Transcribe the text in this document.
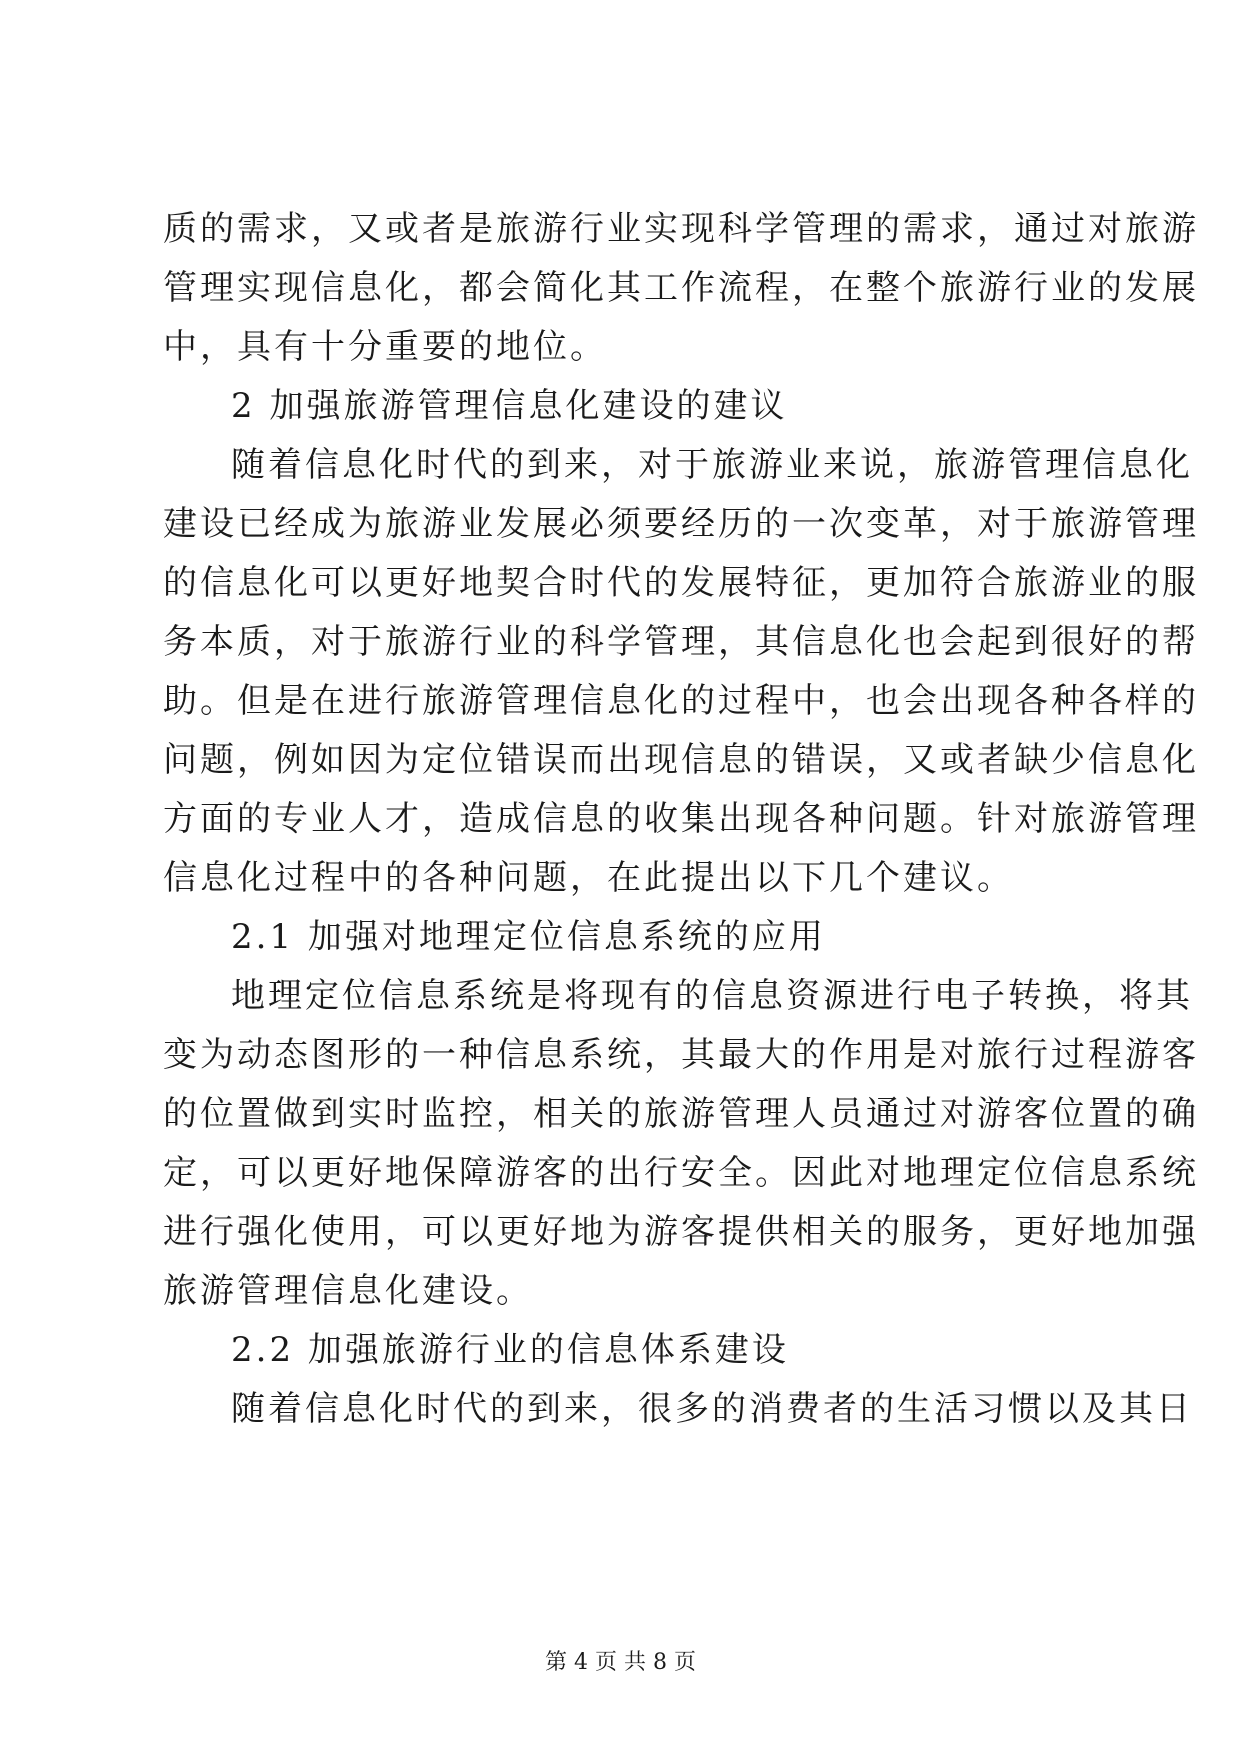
质的需求，又或者是旅游行业实现科学管理的需求，通过对旅游
管理实现信息化，都会简化其工作流程，在整个旅游行业的发展
中，具有十分重要的地位。
2 加强旅游管理信息化建设的建议
随着信息化时代的到来，对于旅游业来说，旅游管理信息化
建设已经成为旅游业发展必须要经历的一次变革，对于旅游管理
的信息化可以更好地契合时代的发展特征，更加符合旅游业的服
务本质，对于旅游行业的科学管理，其信息化也会起到很好的帮
助。但是在进行旅游管理信息化的过程中，也会出现各种各样的
问题，例如因为定位错误而出现信息的错误，又或者缺少信息化
方面的专业人才，造成信息的收集出现各种问题。针对旅游管理
信息化过程中的各种问题，在此提出以下几个建议。
2.1 加强对地理定位信息系统的应用
地理定位信息系统是将现有的信息资源进行电子转换，将其
变为动态图形的一种信息系统，其最大的作用是对旅行过程游客
的位置做到实时监控，相关的旅游管理人员通过对游客位置的确
定，可以更好地保障游客的出行安全。因此对地理定位信息系统
进行强化使用，可以更好地为游客提供相关的服务，更好地加强
旅游管理信息化建设。
2.2 加强旅游行业的信息体系建设
随着信息化时代的到来，很多的消费者的生活习惯以及其日
第 4 页 共 8 页
